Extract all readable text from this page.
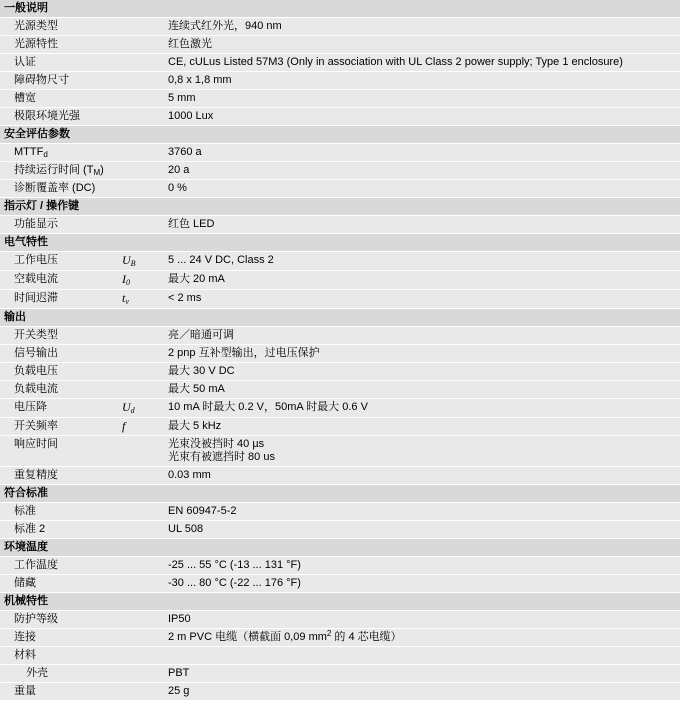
一般说明		
光源类型		连续式红外光，940 nm
光源特性		红色激光
认证		CE, cULus Listed 57M3 (Only in association with UL Class 2 power supply; Type 1 enclosure)
障碍物尺寸		0,8 x 1,8 mm
槽宽		5 mm
极限环境光强		1000 Lux
安全评估参数		
$MTTF_d$		3760 a
持续运行时间 $(T_M)$		20 a
诊断覆盖率 (DC)		0 %
指示灯 / 操作键		
功能显示		红色 LED
电气特性		
工作电压	$U_B$	5 ... 24 V DC, Class 2
空载电流	$I_0$	最大 20 mA
时间迟滞	$t_v$	< 2 ms
输出		
开关类型		亮／暗通可调
信号输出		2 pnp 互补型输出，过电压保护
负载电压		最大 30 V DC
负载电流		最大 50 mA
电压降	$U_d$	10 mA 时最大 0.2 V，50mA 时最大 0.6 V
开关频率	f	最大 5 kHz
响应时间		光束没被挡时 40 µs
光束有被遮挡时 80 us

重复精度		0.03 mm
符合标准		
标准		EN 60947-5-2
标准 2		UL 508
环境温度		
工作温度		-25 ... 55 °C (-13 ... 131 °F)
储藏		-30 ... 80 °C (-22 ... 176 °F)
机械特性		
防护等级		IP50
连接		2 m PVC 电缆（横截面 0,09 $mm^2$ 的 4 芯电缆）
材料		
外壳		PBT
重量		25 g
